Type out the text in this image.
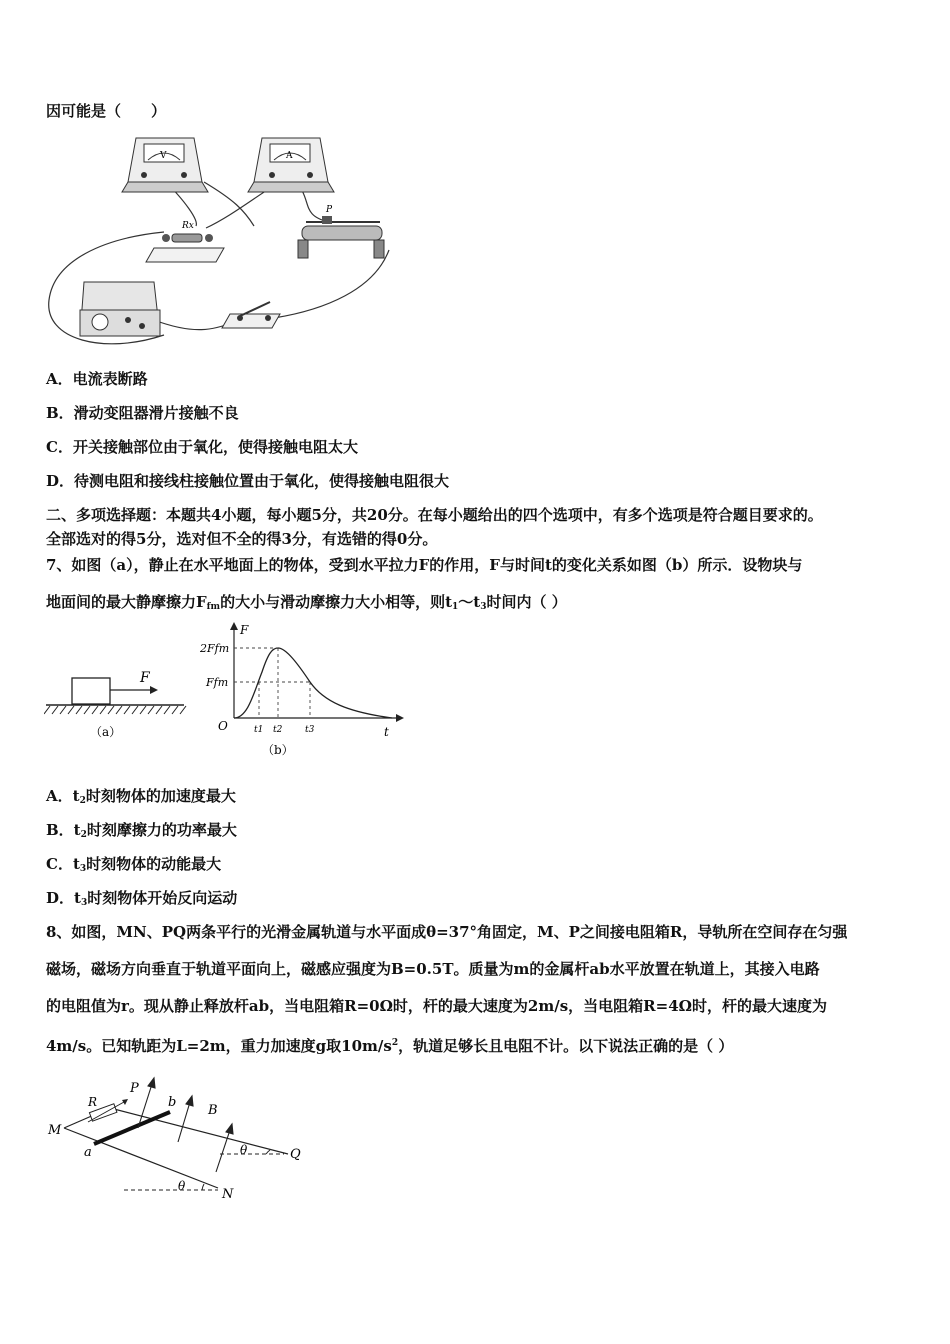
因可能是（　　）
V	A
Rx
P
A．电流表断路
B．滑动变阻器滑片接触不良
C．开关接触部位由于氧化，使得接触电阻太大
D．待测电阻和接线柱接触位置由于氧化，使得接触电阻很大
二、多项选择题：本题共4小题，每小题5分，共20分。在每小题给出的四个选项中，有多个选项是符合题目要求的。
全部选对的得5分，选对但不全的得3分，有选错的得0分。
7、如图（a），静止在水平地面上的物体，受到水平拉力F的作用，F与时间t的变化关系如图（b）所示．设物块与
地面间的最大静摩擦力$F_{fm}$的大小与滑动摩擦力大小相等，则$t_1\sim t_3$时间内（ ）
F
（a）
F
t
O
2Ffm
Ffm
t1 t2	t3
（b）
A．$t_2$时刻物体的加速度最大
B．$t_2$时刻摩擦力的功率最大
C．$t_3$时刻物体的动能最大
D．$t_3$时刻物体开始反向运动
8、如图，MN、PQ两条平行的光滑金属轨道与水平面成θ=37°角固定，M、P之间接电阻箱R，导轨所在空间存在匀强
磁场，磁场方向垂直于轨道平面向上，磁感应强度为B=0.5T。质量为m的金属杆ab水平放置在轨道上，其接入电路
的电阻值为r。现从静止释放杆ab，当电阻箱R=0Ω时，杆的最大速度为2m/s，当电阻箱R=4Ω时，杆的最大速度为
4m/s。已知轨距为L=2m，重力加速度g取$10m/s^2$，轨道足够长且电阻不计。以下说法正确的是（ ）
R
M
N
P
Q
a
b
B
θ
θ
